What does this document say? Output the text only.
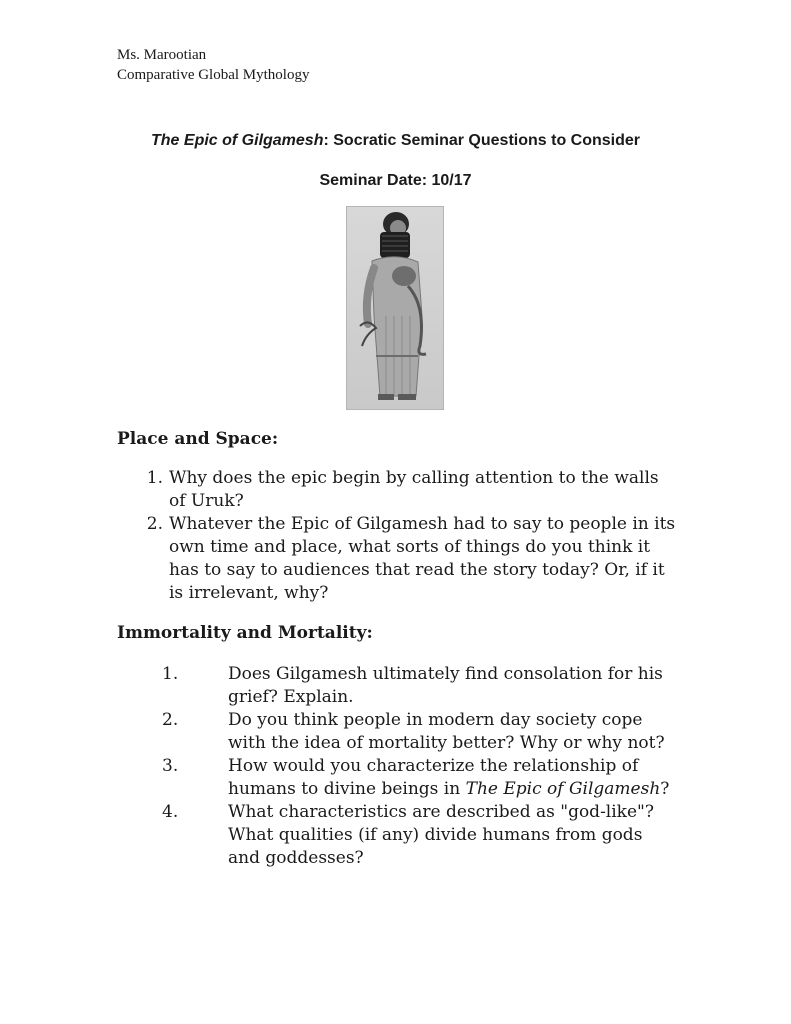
Ms. Marootian
Comparative Global Mythology
The Epic of Gilgamesh: Socratic Seminar Questions to Consider
Seminar Date: 10/17
Place and Space:
1. Why does the epic begin by calling attention to the walls of Uruk?
2. Whatever the Epic of Gilgamesh had to say to people in its own time and place, what sorts of things do you think it has to say to audiences that read the story today? Or, if it is irrelevant, why?
Immortality and Mortality:
1.	Does Gilgamesh ultimately find consolation for his grief? Explain.
2.	Do you think people in modern day society cope with the idea of mortality better? Why or why not?
3.	How would you characterize the relationship of humans to divine beings in The Epic of Gilgamesh?
4.	What characteristics are described as "god-like"? What qualities (if any) divide humans from gods and goddesses?
